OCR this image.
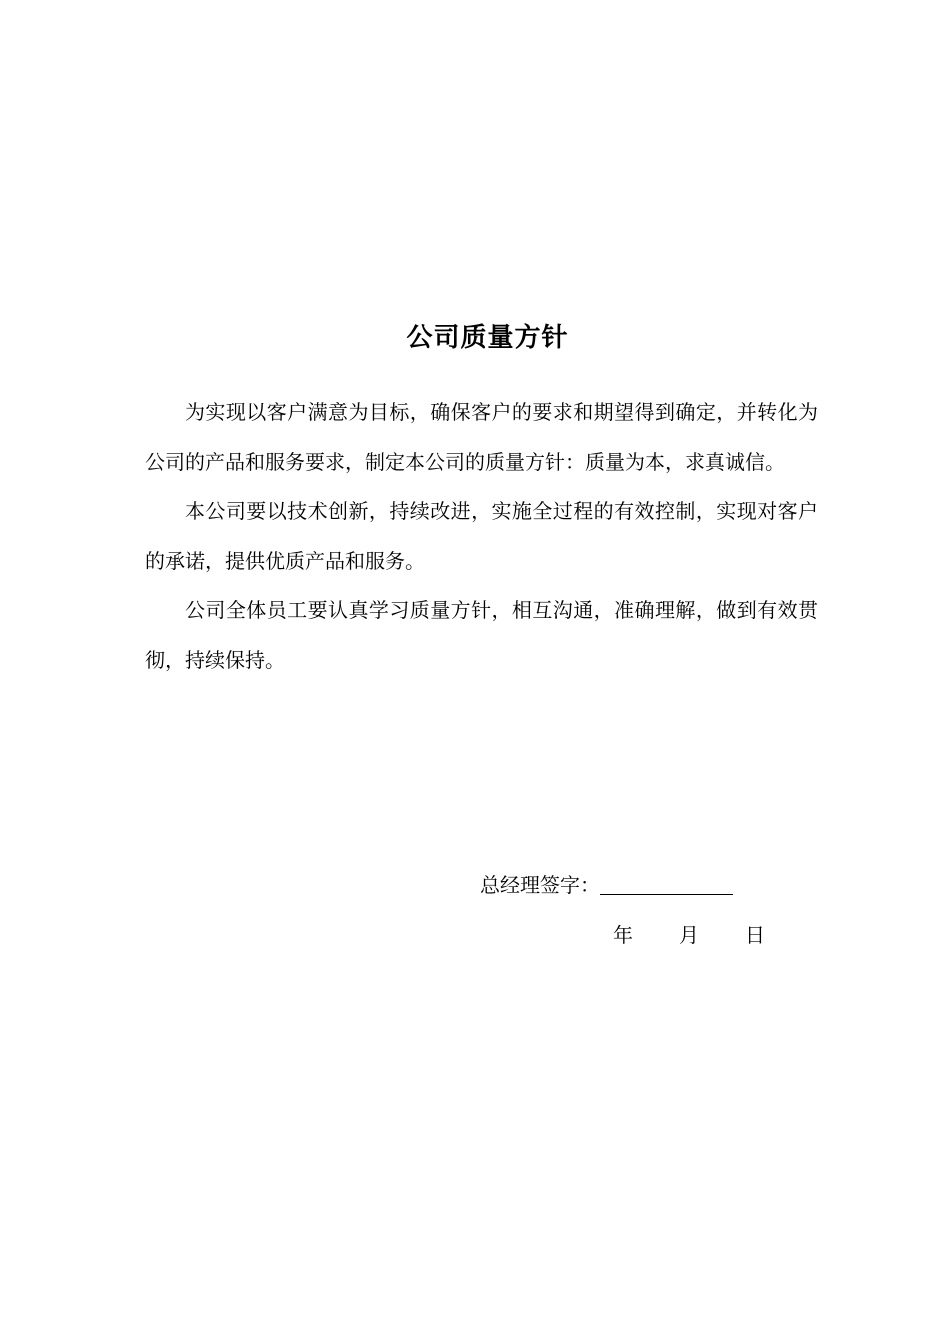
公司质量方针

为实现以客户满意为目标，确保客户的要求和期望得到确定，并转化为公司的产品和服务要求，制定本公司的质量方针：质量为本，求真诚信。

本公司要以技术创新，持续改进，实施全过程的有效控制，实现对客户的承诺，提供优质产品和服务。

公司全体员工要认真学习质量方针，相互沟通，准确理解，做到有效贯彻，持续保持。

总经理签字：
年 月 日
